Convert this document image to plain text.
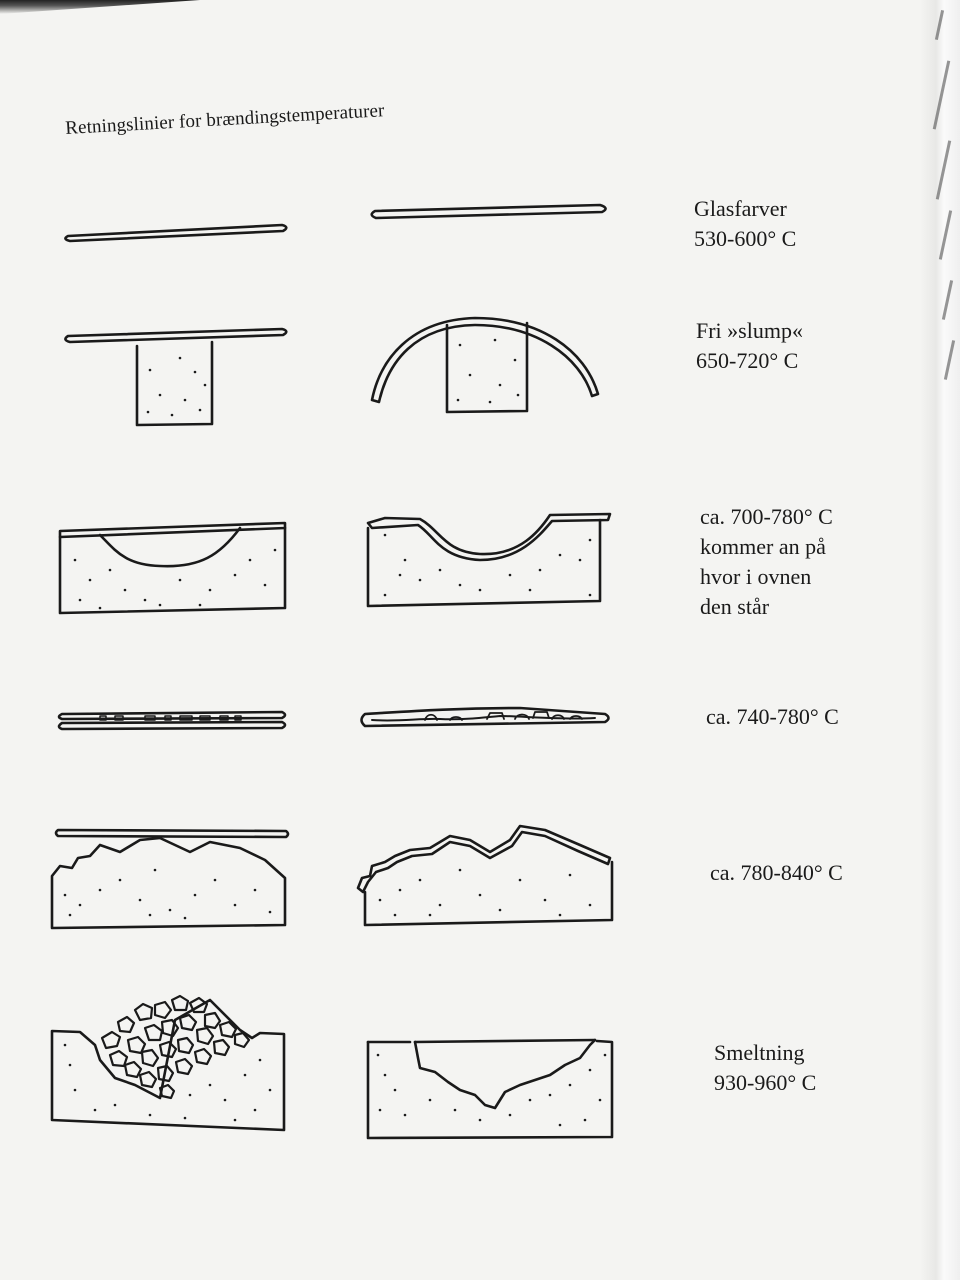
Retningslinier for brændingstemperaturer
Glasfarver
530-600° C
Fri »slump«
650-720° C
ca. 700-780° C
kommer an på
hvor i ovnen
den står
ca. 740-780° C
ca. 780-840° C
Smeltning
930-960° C
